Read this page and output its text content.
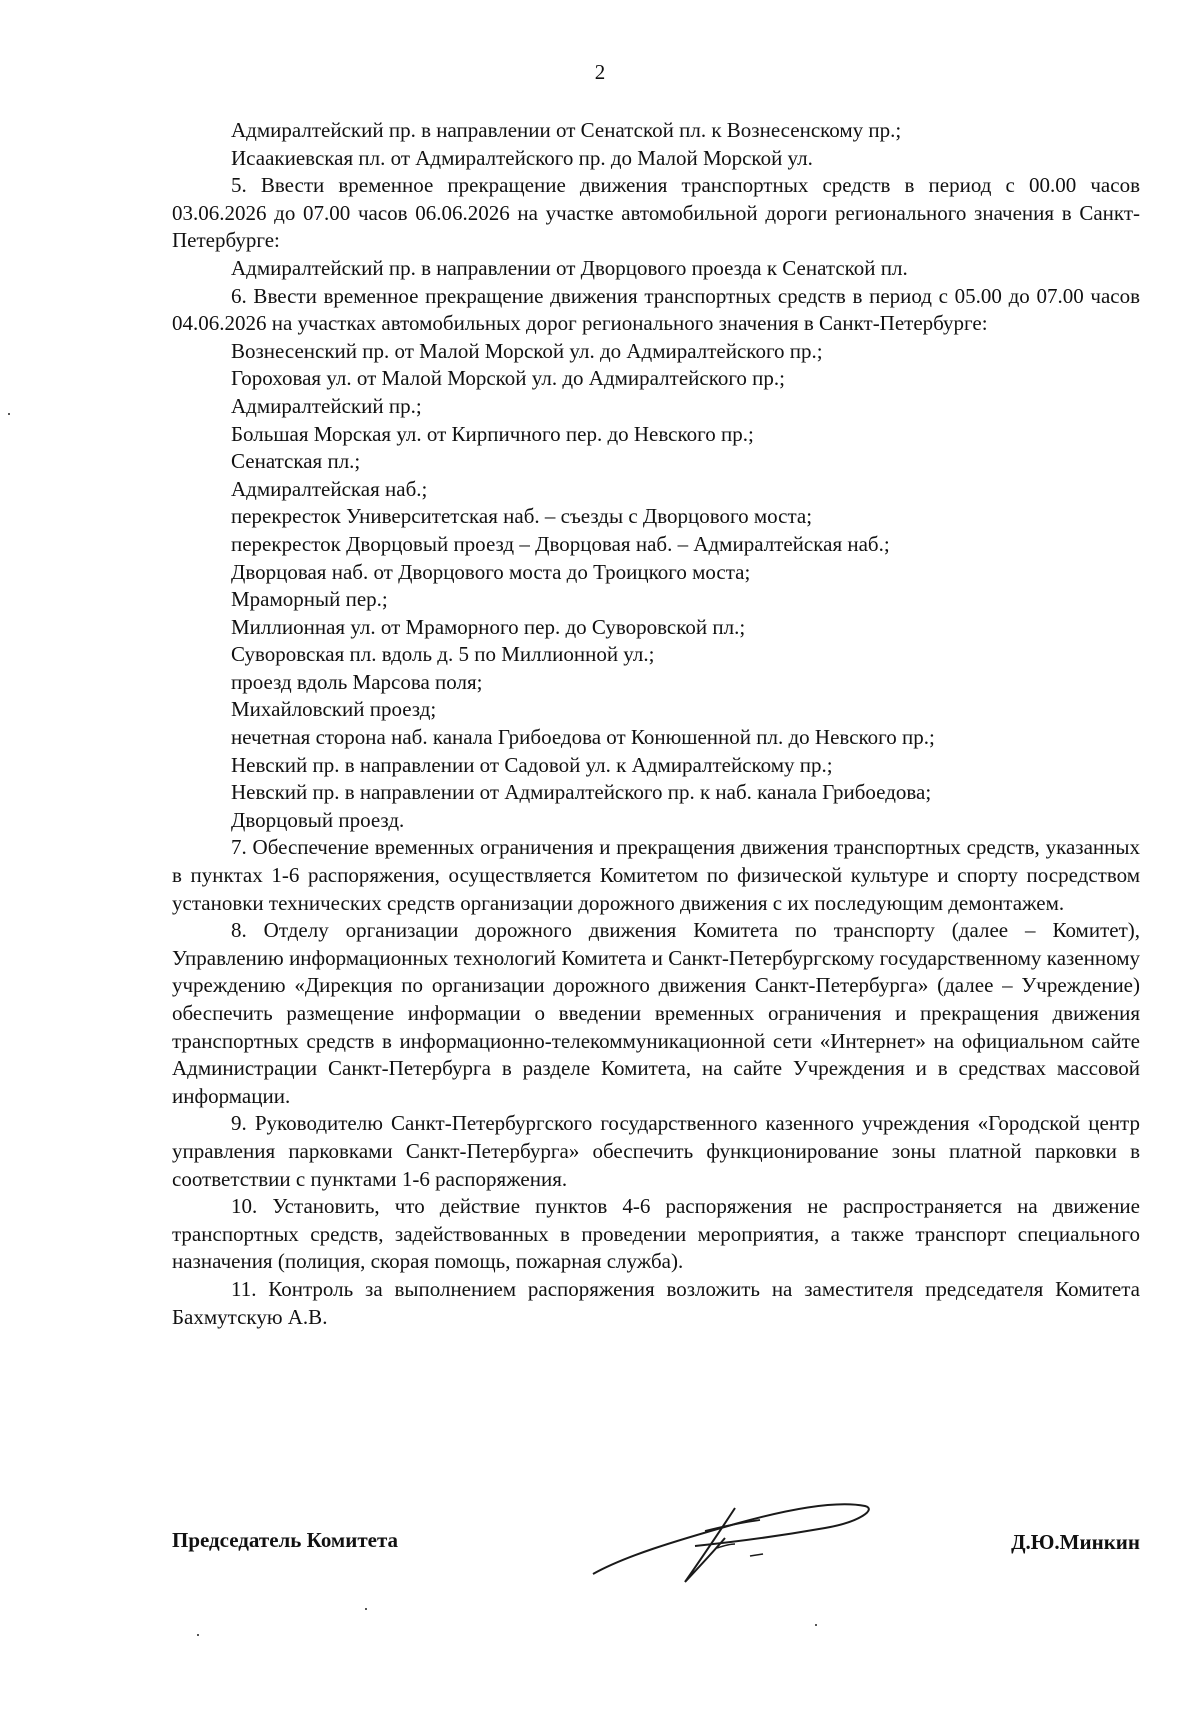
2

Адмиралтейский пр. в направлении от Сенатской пл. к Вознесенскому пр.;

Исаакиевская пл. от Адмиралтейского пр. до Малой Морской ул.

5. Ввести временное прекращение движения транспортных средств в период с 00.00 часов 03.06.2026 до 07.00 часов 06.06.2026 на участке автомобильной дороги регионального значения в Санкт-Петербурге:

Адмиралтейский пр. в направлении от Дворцового проезда к Сенатской пл.

6. Ввести временное прекращение движения транспортных средств в период с 05.00 до 07.00 часов 04.06.2026 на участках автомобильных дорог регионального значения в Санкт-Петербурге:

Вознесенский пр. от Малой Морской ул. до Адмиралтейского пр.;

Гороховая ул. от Малой Морской ул. до Адмиралтейского пр.;

Адмиралтейский пр.;

Большая Морская ул. от Кирпичного пер. до Невского пр.;

Сенатская пл.;

Адмиралтейская наб.;

перекресток Университетская наб. – съезды с Дворцового моста;

перекресток Дворцовый проезд – Дворцовая наб. – Адмиралтейская наб.;

Дворцовая наб. от Дворцового моста до Троицкого моста;

Мраморный пер.;

Миллионная ул. от Мраморного пер. до Суворовской пл.;

Суворовская пл. вдоль д. 5 по Миллионной ул.;

проезд вдоль Марсова поля;

Михайловский проезд;

нечетная сторона наб. канала Грибоедова от Конюшенной пл. до Невского пр.;

Невский пр. в направлении от Садовой ул. к Адмиралтейскому пр.;

Невский пр. в направлении от Адмиралтейского пр. к наб. канала Грибоедова;

Дворцовый проезд.

7. Обеспечение временных ограничения и прекращения движения транспортных средств, указанных в пунктах 1-6 распоряжения, осуществляется Комитетом по физической культуре и спорту посредством установки технических средств организации дорожного движения с их последующим демонтажем.

8. Отделу организации дорожного движения Комитета по транспорту (далее – Комитет), Управлению информационных технологий Комитета и Санкт-Петербургскому государственному казенному учреждению «Дирекция по организации дорожного движения Санкт-Петербурга» (далее – Учреждение) обеспечить размещение информации о введении временных ограничения и прекращения движения транспортных средств в информационно-телекоммуникационной сети «Интернет» на официальном сайте Администрации Санкт-Петербурга в разделе Комитета, на сайте Учреждения и в средствах массовой информации.

9. Руководителю Санкт-Петербургского государственного казенного учреждения «Городской центр управления парковками Санкт-Петербурга» обеспечить функционирование зоны платной парковки в соответствии с пунктами 1-6 распоряжения.

10. Установить, что действие пунктов 4-6 распоряжения не распространяется на движение транспортных средств, задействованных в проведении мероприятия, а также транспорт специального назначения (полиция, скорая помощь, пожарная служба).

11. Контроль за выполнением распоряжения возложить на заместителя председателя Комитета Бахмутскую А.В.

Председатель Комитета	Д.Ю.Минкин
